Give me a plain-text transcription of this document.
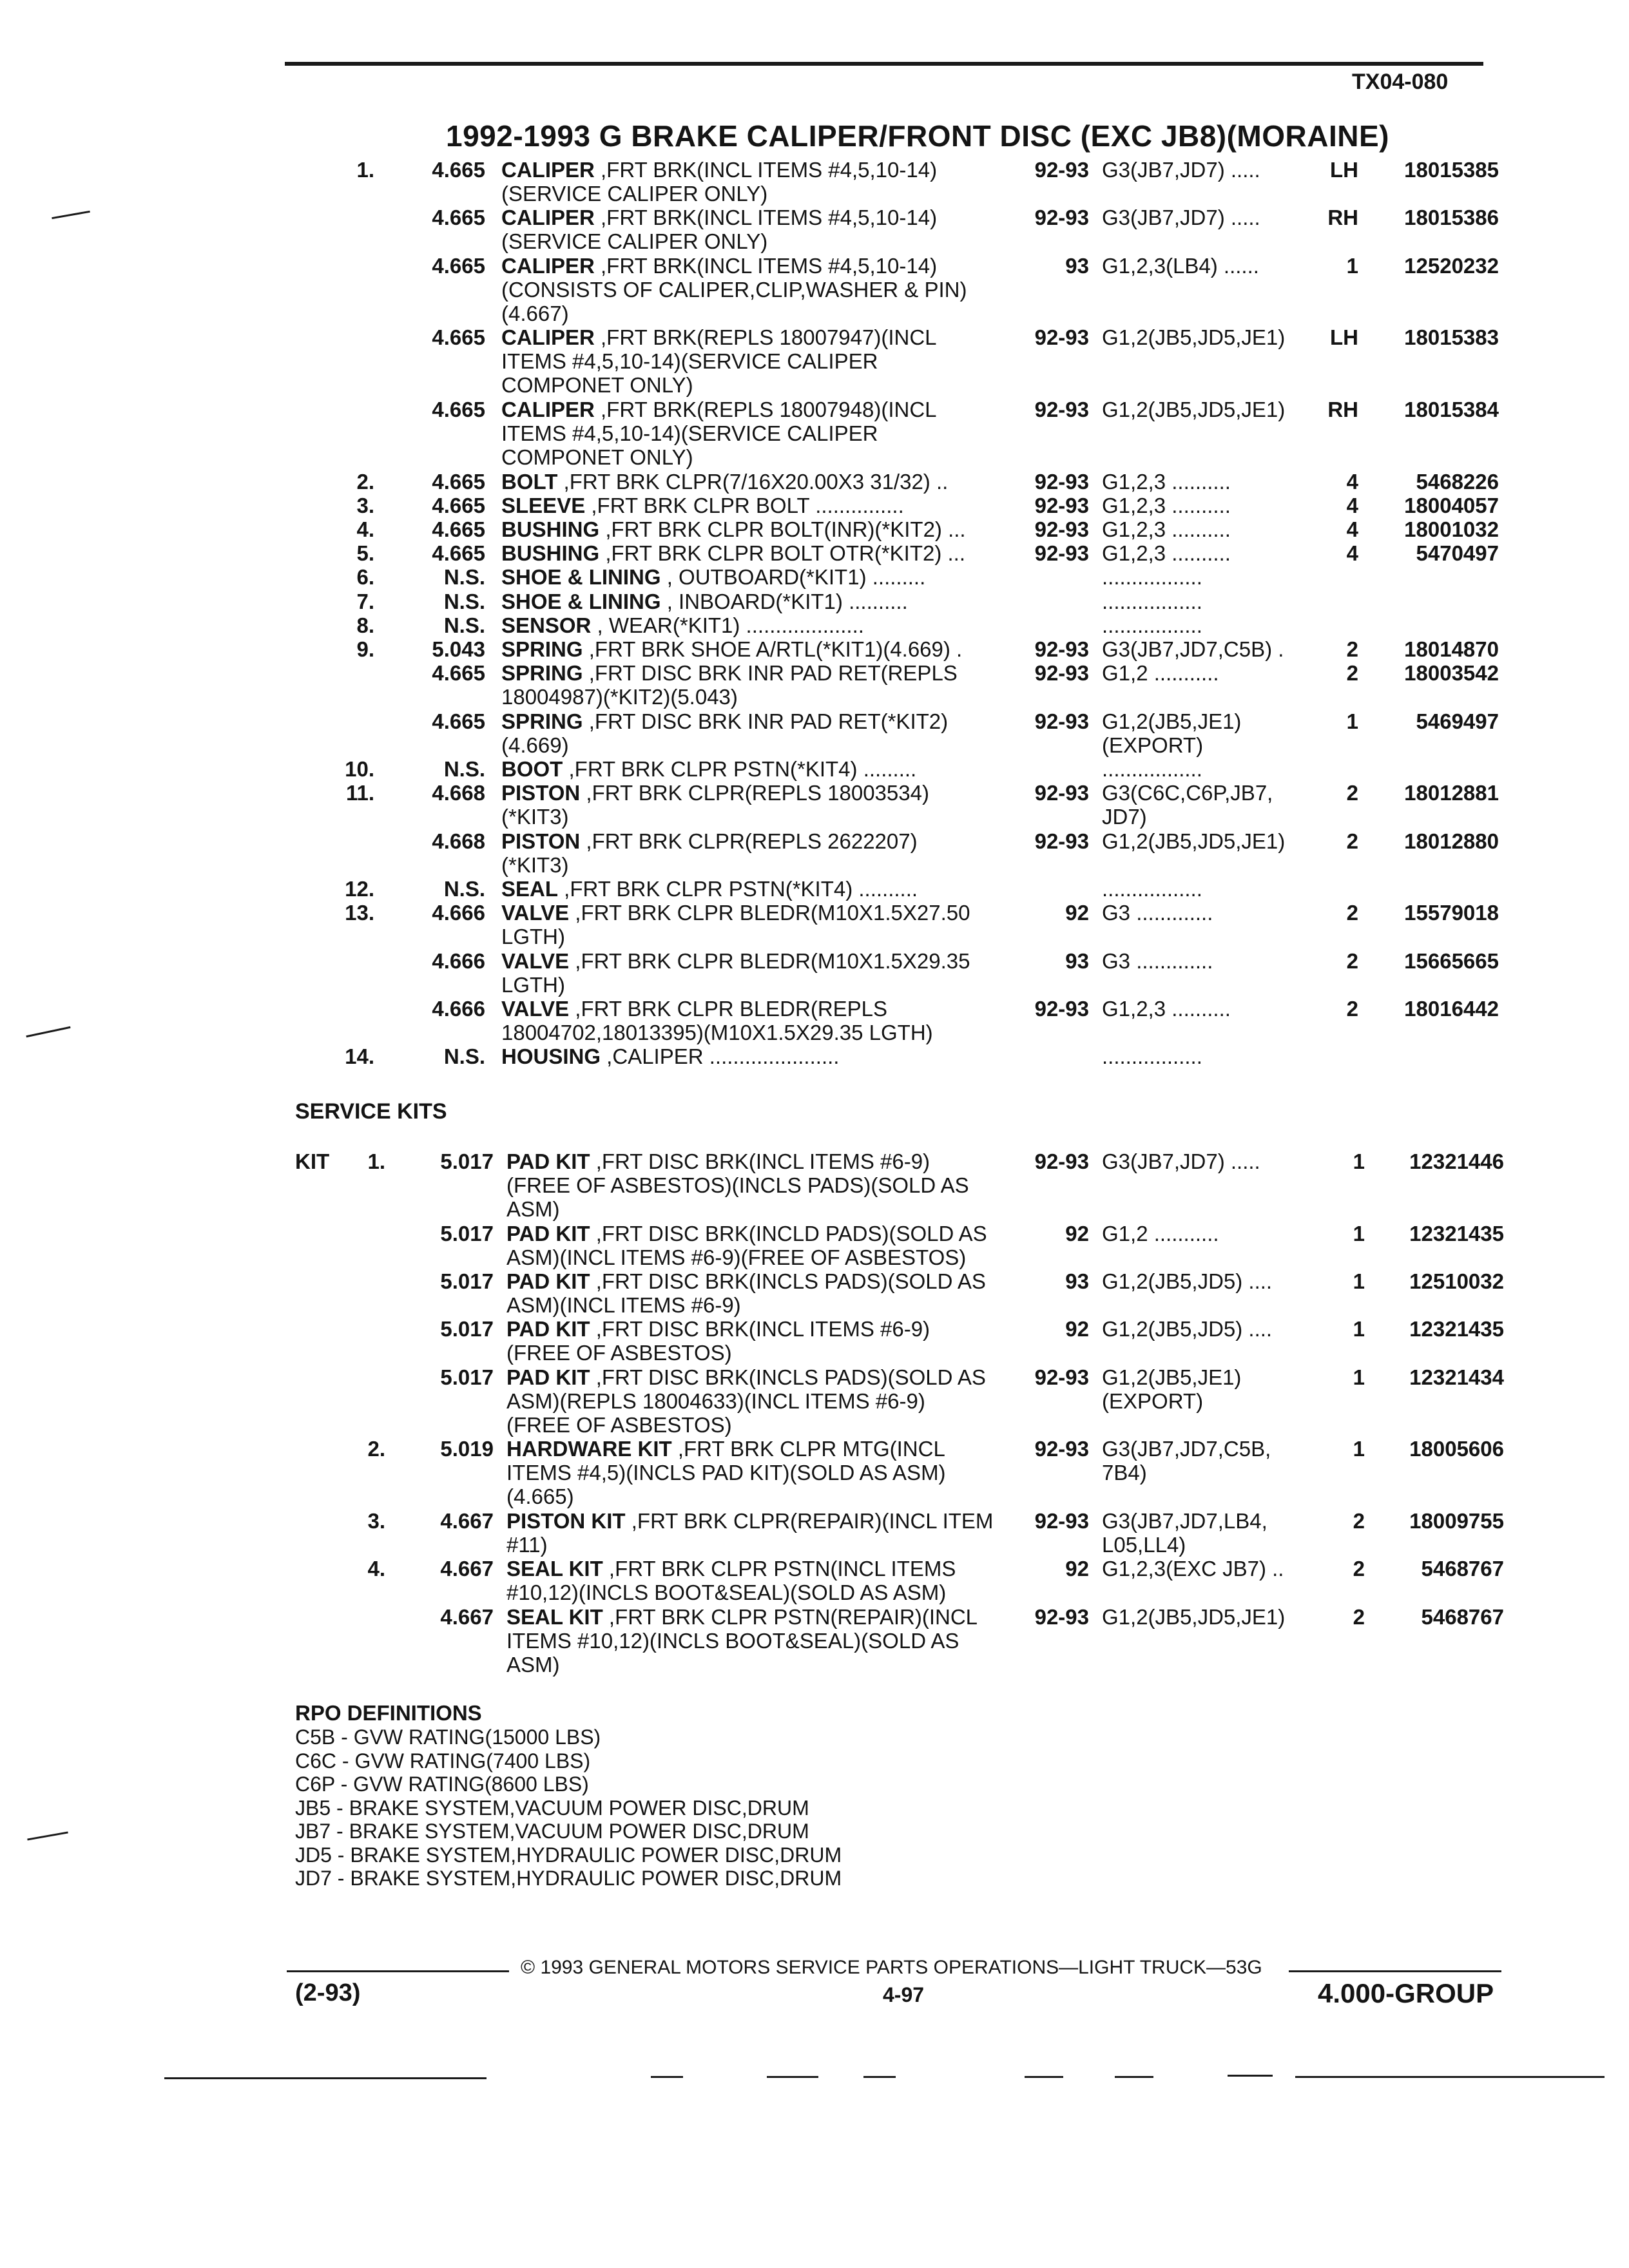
TX04-080
1992-1993 G BRAKE CALIPER/FRONT DISC (EXC JB8)(MORAINE)
1.	4.665 CALIPER ,FRT BRK(INCL ITEMS #4,5,10-14)
(SERVICE CALIPER ONLY)
92-93 G3(JB7,JD7) .....	LH 18015385
4.665 CALIPER ,FRT BRK(INCL ITEMS #4,5,10-14)
(SERVICE CALIPER ONLY)
92-93 G3(JB7,JD7) .....	RH 18015386
4.665 CALIPER ,FRT BRK(INCL ITEMS #4,5,10-14)
(CONSISTS OF CALIPER,CLIP,WASHER & PIN)
(4.667)
93 G1,2,3(LB4) ......	1 12520232
4.665 CALIPER ,FRT BRK(REPLS 18007947)(INCL
ITEMS #4,5,10-14)(SERVICE CALIPER
COMPONET ONLY)
92-93 G1,2(JB5,JD5,JE1)	LH 18015383
4.665 CALIPER ,FRT BRK(REPLS 18007948)(INCL
ITEMS #4,5,10-14)(SERVICE CALIPER
COMPONET ONLY)
92-93 G1,2(JB5,JD5,JE1)	RH 18015384
2.	4.665 BOLT ,FRT BRK CLPR(7/16X20.00X3 31/32) ..	92-93 G1,2,3 ..........	4	5468226
3.	4.665 SLEEVE ,FRT BRK CLPR BOLT ...............	92-93 G1,2,3 ..........	4 18004057
4.	4.665 BUSHING ,FRT BRK CLPR BOLT(INR)(*KIT2) ...	92-93 G1,2,3 ..........	4 18001032
5.	4.665 BUSHING ,FRT BRK CLPR BOLT OTR(*KIT2) ...	92-93 G1,2,3 ..........	4	5470497
6.	N.S. SHOE & LINING , OUTBOARD(*KIT1) .........	.................
7.	N.S. SHOE & LINING , INBOARD(*KIT1) ..........	.................
8.	N.S. SENSOR , WEAR(*KIT1) ....................	.................
9.	5.043 SPRING ,FRT BRK SHOE A/RTL(*KIT1)(4.669) .	92-93 G3(JB7,JD7,C5B) .	2 18014870
4.665 SPRING ,FRT DISC BRK INR PAD RET(REPLS
18004987)(*KIT2)(5.043)
92-93 G1,2 ...........	2 18003542
4.665 SPRING ,FRT DISC BRK INR PAD RET(*KIT2)
(4.669)
92-93 G1,2(JB5,JE1)
(EXPORT)
1	5469497
10.	N.S. BOOT ,FRT BRK CLPR PSTN(*KIT4) .........	.................
11.	4.668 PISTON ,FRT BRK CLPR(REPLS 18003534)
(*KIT3)
92-93 G3(C6C,C6P,JB7,
JD7)
2 18012881
4.668 PISTON ,FRT BRK CLPR(REPLS 2622207)
(*KIT3)
92-93 G1,2(JB5,JD5,JE1)	2 18012880
12.	N.S. SEAL ,FRT BRK CLPR PSTN(*KIT4) ..........	.................
13.	4.666 VALVE ,FRT BRK CLPR BLEDR(M10X1.5X27.50
LGTH)
92 G3 .............	2 15579018
4.666 VALVE ,FRT BRK CLPR BLEDR(M10X1.5X29.35
LGTH)
93 G3 .............	2 15665665
4.666 VALVE ,FRT BRK CLPR BLEDR(REPLS
18004702,18013395)(M10X1.5X29.35 LGTH)
92-93 G1,2,3 ..........	2 18016442
14.	N.S. HOUSING ,CALIPER ......................	.................
SERVICE KITS
KIT 1.	5.017 PAD KIT ,FRT DISC BRK(INCL ITEMS #6-9)
(FREE OF ASBESTOS)(INCLS PADS)(SOLD AS
ASM)
92-93 G3(JB7,JD7) .....	1 12321446
5.017 PAD KIT ,FRT DISC BRK(INCLD PADS)(SOLD AS
ASM)(INCL ITEMS #6-9)(FREE OF ASBESTOS)
92 G1,2 ...........	1 12321435
5.017 PAD KIT ,FRT DISC BRK(INCLS PADS)(SOLD AS
ASM)(INCL ITEMS #6-9)
93 G1,2(JB5,JD5) ....	1 12510032
5.017 PAD KIT ,FRT DISC BRK(INCL ITEMS #6-9)
(FREE OF ASBESTOS)
92 G1,2(JB5,JD5) ....	1 12321435
5.017 PAD KIT ,FRT DISC BRK(INCLS PADS)(SOLD AS
ASM)(REPLS 18004633)(INCL ITEMS #6-9)
(FREE OF ASBESTOS)
92-93 G1,2(JB5,JE1)
(EXPORT)
1 12321434
2.	5.019 HARDWARE KIT ,FRT BRK CLPR MTG(INCL
ITEMS #4,5)(INCLS PAD KIT)(SOLD AS ASM)
(4.665)
92-93 G3(JB7,JD7,C5B,
7B4)
1 18005606
3.	4.667 PISTON KIT ,FRT BRK CLPR(REPAIR)(INCL ITEM
#11)
92-93 G3(JB7,JD7,LB4,
L05,LL4)
2 18009755
4.	4.667 SEAL KIT ,FRT BRK CLPR PSTN(INCL ITEMS
#10,12)(INCLS BOOT&SEAL)(SOLD AS ASM)
92 G1,2,3(EXC JB7) ..	2	5468767
4.667 SEAL KIT ,FRT BRK CLPR PSTN(REPAIR)(INCL
ITEMS #10,12)(INCLS BOOT&SEAL)(SOLD AS
ASM)
92-93 G1,2(JB5,JD5,JE1)	2	5468767
RPO DEFINITIONS
C5B - GVW RATING(15000 LBS)
C6C - GVW RATING(7400 LBS)
C6P - GVW RATING(8600 LBS)
JB5 - BRAKE SYSTEM,VACUUM POWER DISC,DRUM
JB7 - BRAKE SYSTEM,VACUUM POWER DISC,DRUM
JD5 - BRAKE SYSTEM,HYDRAULIC POWER DISC,DRUM
JD7 - BRAKE SYSTEM,HYDRAULIC POWER DISC,DRUM
© 1993 GENERAL MOTORS SERVICE PARTS OPERATIONS—LIGHT TRUCK—53G
(2-93)	4-97	4.000-GROUP
